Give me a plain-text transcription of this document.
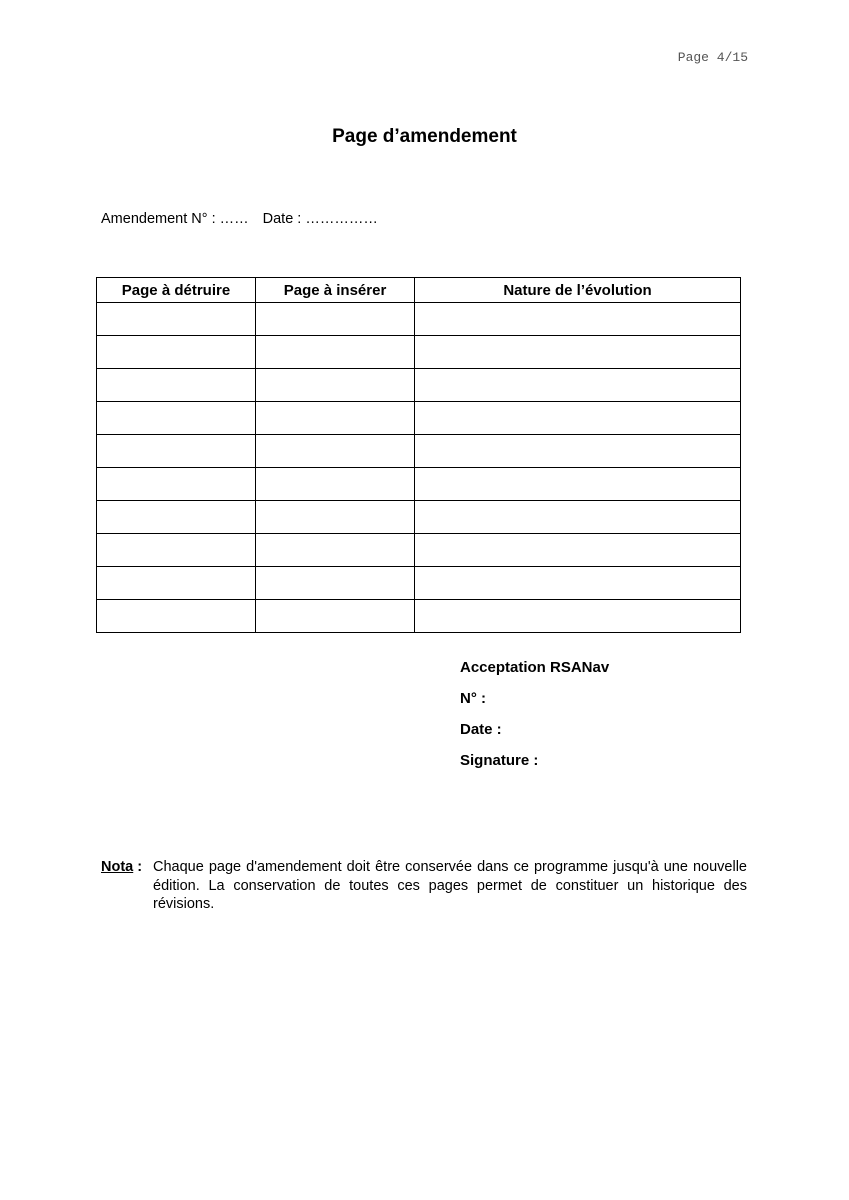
Page 4/15
Page d’amendement
Amendement N° : …… Date : ……………
Page à détruire	Page à insérer	Nature de l’évolution

Acceptation RSANav
N° :
Date :
Signature :
Nota : Chaque page d'amendement doit être conservée dans ce programme jusqu'à une nouvelle édition. La conservation de toutes ces pages permet de constituer un historique des révisions.
